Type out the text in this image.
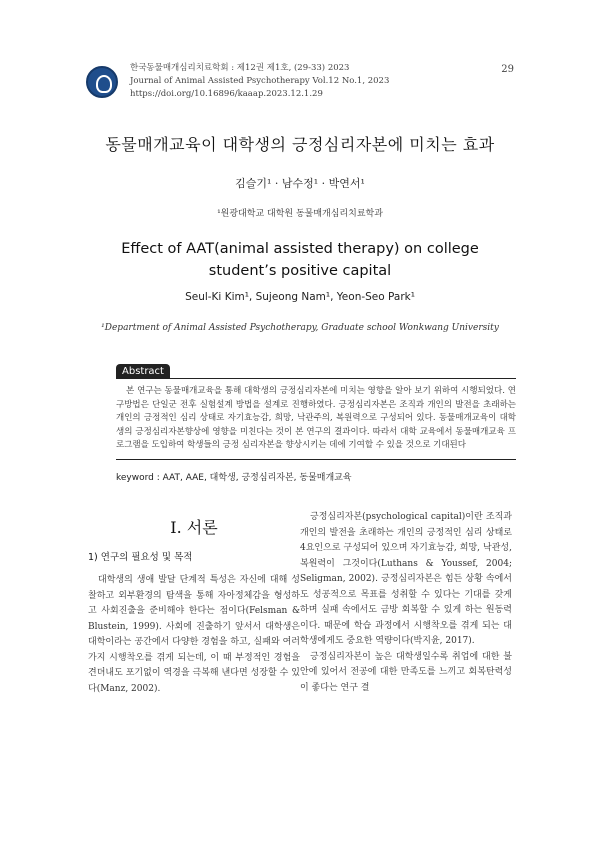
한국동물매개심리치료학회 : 제12권 제1호, (29-33) 2023
Journal of Animal Assisted Psychotherapy Vol.12 No.1, 2023
https://doi.org/10.16896/kaaap.2023.12.1.29
29
동물매개교육이 대학생의 긍정심리자본에 미치는 효과
김슬기¹ · 남수정¹ · 박연서¹
¹원광대학교 대학원 동물매개심리치료학과
Effect of AAT(animal assisted therapy) on college student’s positive capital
Seul-Ki Kim¹, Sujeong Nam¹, Yeon-Seo Park¹
¹Department of Animal Assisted Psychotherapy, Graduate school Wonkwang University
Abstract
본 연구는 동물매개교육을 통해 대학생의 긍정심리자본에 미치는 영향을 알아 보기 위하여 시행되었다. 연구방법은 단일군 전후 실험설계 방법을 설계로 진행하였다. 긍정심리자본은 조직과 개인의 발전을 초래하는 개인의 긍정적인 심리 상태로 자기효능감, 희망, 낙관주의, 복원력으로 구성되어 있다. 동물매개교육이 대학생의 긍정심리자본향상에 영향을 미친다는 것이 본 연구의 결과이다. 따라서 대학 교육에서 동물매개교육 프로그램을 도입하여 학생들의 긍정 심리자본을 향상시키는 데에 기여할 수 있을 것으로 기대된다
keyword : AAT, AAE, 대학생, 긍정심리자본, 동물매개교육
Ⅰ. 서론
1) 연구의 필요성 및 목적

대학생의 생애 발달 단계적 특성은 자신에 대해 성찰하고 외부환경의 탐색을 통해 자아정체감을 형성하고 사회진출을 준비해야 한다는 점이다(Felsman & Blustein, 1999). 사회에 진출하기 앞서서 대학생은 대학이라는 공간에서 다양한 경험을 하고, 실패와 여러 가지 시행착오를 겪게 되는데, 이 때 부정적인 경험을 견뎌내도 포기없이 역경을 극복해 낸다면 성장할 수 있다(Manz, 2002).

긍정심리자본(psychological capital)이란 조직과 개인의 발전을 초래하는 개인의 긍정적인 심리 상태로 4요인으로 구성되어 있으며 자기효능감, 희망, 낙관성, 복원력이 그것이다(Luthans & Youssef, 2004; Seligman, 2002). 긍정심리자본은 힘든 상황 속에서도 성공적으로 목표를 성취할 수 있다는 기대를 갖게 하며 실패 속에서도 금방 회복할 수 있게 하는 원동력이다. 때문에 학습 과정에서 시행착오를 겪게 되는 대학생에게도 중요한 역량이다(박지윤, 2017).

긍정심리자본이 높은 대학생일수록 취업에 대한 불안에 있어서 전공에 대한 만족도를 느끼고 회복탄력성이 좋다는 연구 결
